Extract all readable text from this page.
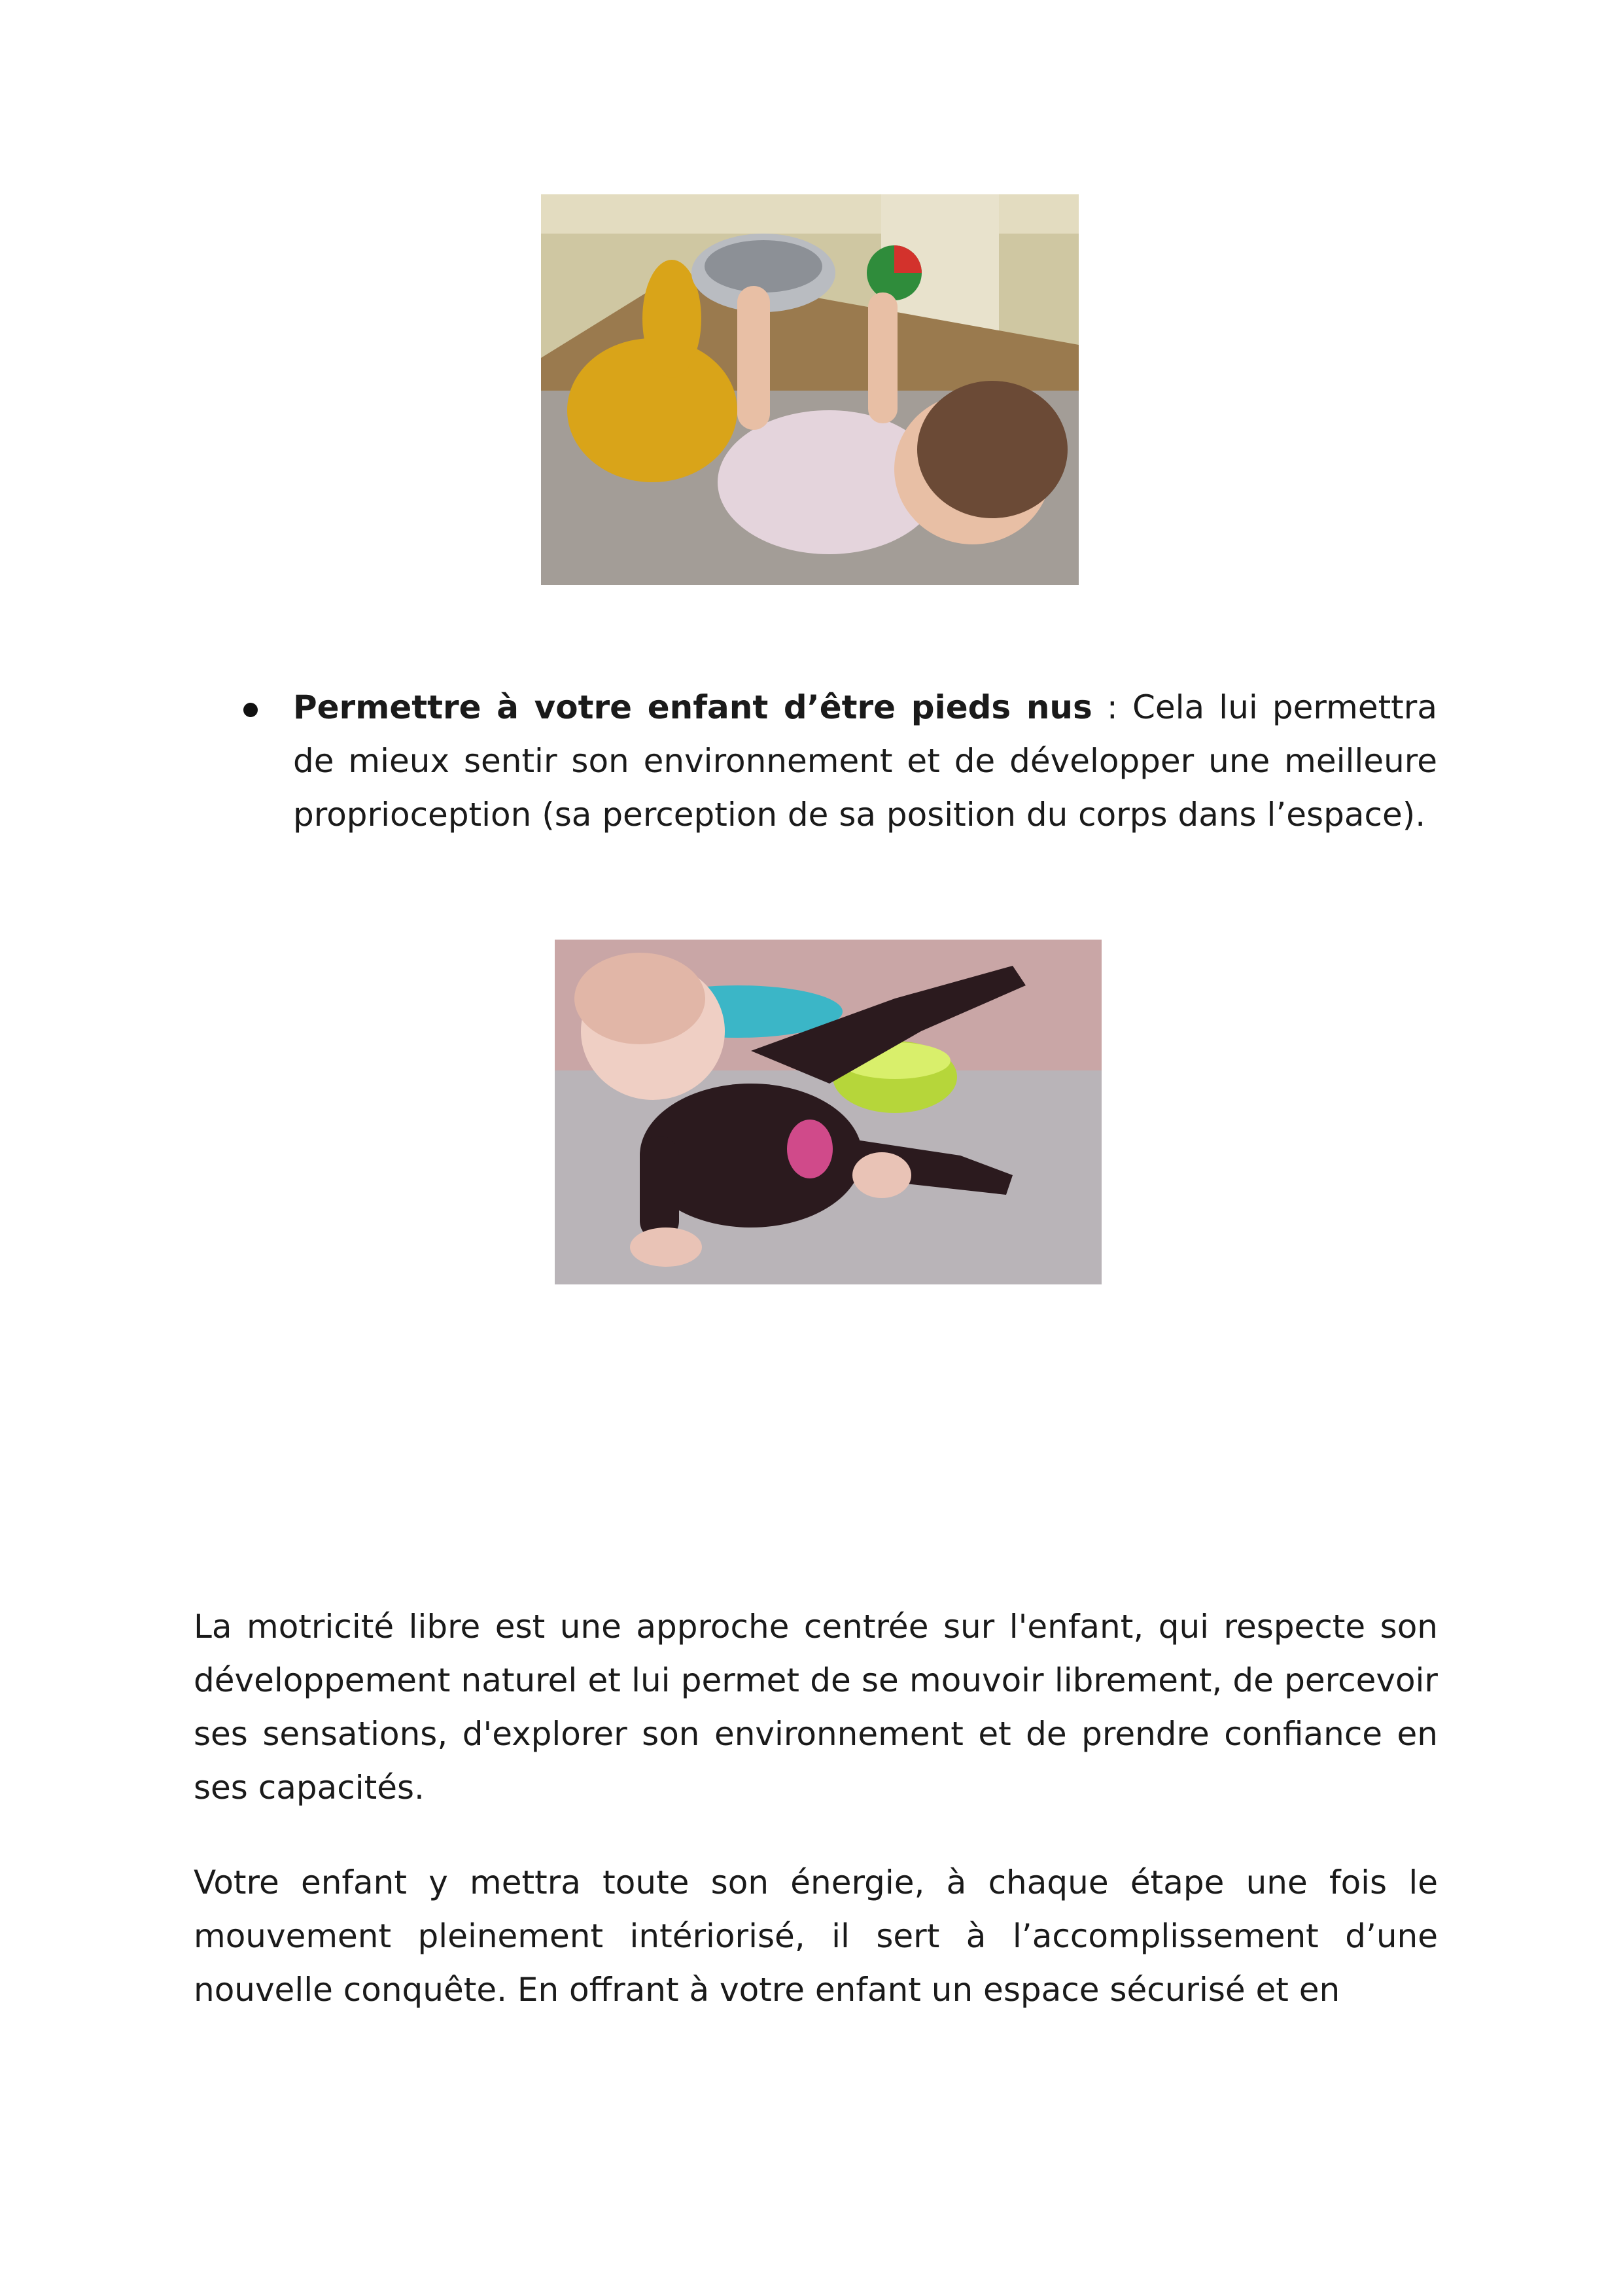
Permettre à votre enfant d’être pieds nus : Cela lui permettra de mieux sentir son environnement et de développer une meilleure proprioception (sa perception de sa position du corps dans l’espace).

La motricité libre est une approche centrée sur l'enfant, qui respecte son développement naturel et lui permet de se mouvoir librement, de percevoir ses sensations, d'explorer son environnement et de prendre confiance en ses capacités.

Votre enfant y mettra toute son énergie, à chaque étape une fois le mouvement pleinement intériorisé, il sert à l’accomplissement d’une nouvelle conquête. En offrant à votre enfant un espace sécurisé et en
